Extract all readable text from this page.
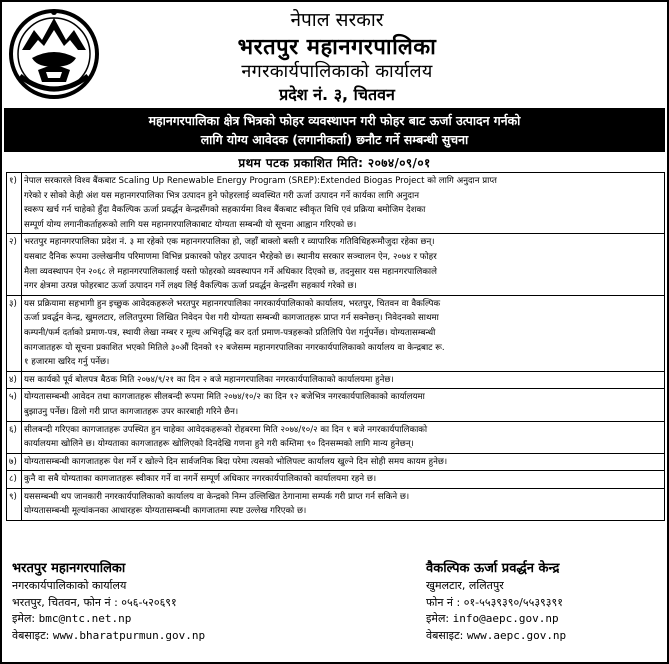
नेपाल सरकार
भरतपुर महानगरपालिका
नगरकार्यपालिकाको कार्यालय
प्रदेश नं. ३, चितवन
महानगरपालिका क्षेत्र भित्रको फोहर व्यवस्थापन गरी फोहर बाट ऊर्जा उत्पादन गर्नको
लागि योग्य आवेदक (लगानीकर्ता) छनौट गर्ने सम्बन्धी सुचना
प्रथम पटक प्रकाशित मिति: २०७४/०९/०१
१)	नेपाल सरकारले विश्व बैंकबाट Scaling Up Renewable Energy Program (SREP):Extended Biogas Project को लागि अनुदान प्राप्त
गरेको र सोको केही अंश यस महानगरपालिका भित्र उत्पादन हुने फोहरलाई व्यवस्थित गरी ऊर्जा उत्पादन गर्ने कार्यका लागि अनुदान
स्वरूप खर्च गर्न चाहेको हुँदा वैकल्पिक ऊर्जा प्रवर्द्धन केन्द्रसँगको सहकार्यमा विश्व बैंकबाट स्वीकृत विधि एवं प्रक्रिया बमोजिम देशका
सम्पूर्ण योग्य लगानीकर्ताहरूको लागि यस महानगरपालिकाबाट योग्यता सम्बन्धी यो सूचना आह्वान गरिएको छ।

२)	भरतपुर महानगरपालिका प्रदेश नं. ३ मा रहेको एक महानगरपालिका हो, जहाँ बाक्लो बस्ती र व्यापारिक गतिविधिहरूमौजुदा रहेका छन्।
यसबाट दैनिक रूपमा उल्लेखनीय परिमाणमा विभिन्न प्रकारको फोहर उत्पादन भैरहेको छ। स्थानीय सरकार सञ्चालन ऐन, २०७४ र फोहर
मैला व्यवस्थापन ऐन २०६८ ले महानगरपालिकालाई यस्तो फोहरको व्यवस्थापन गर्ने अधिकार दिएको छ, तदनुसार यस महानगरपालिकाले
नगर क्षेत्रमा उत्पन्न फोहरबाट ऊर्जा उत्पादन गर्ने लक्ष्य लिई वैकल्पिक ऊर्जा प्रवर्द्धन केन्द्रसँग सहकार्य गरेको छ।

३)	यस प्रक्रियामा सहभागी हुन इच्छुक आवेदकहरूले भरतपुर महानगरपालिका नगरकार्यपालिकाको कार्यालय, भरतपुर, चितवन वा वैकल्पिक
ऊर्जा प्रवर्द्धन केन्द्र, खुमलटार, ललितपुरमा लिखित निवेदन पेश गरी योग्यता सम्बन्धी कागजातहरू प्राप्त गर्न सक्नेछन्। निवेदनको साथमा
कम्पनी/फर्म दर्ताको प्रमाण-पत्र, स्थायी लेखा नम्बर र मूल्य अभिवृद्धि कर दर्ता प्रमाण-पत्रहरूको प्रतिलिपि पेश गर्नुपर्नेछ। योग्यतासम्बन्धी
कागजातहरू यो सूचना प्रकाशित भएको मितिले ३०औं दिनको १२ बजेसम्म महानगरपालिका नगरकार्यपालिकाको कार्यालय वा केन्द्रबाट रू.
१ हजारमा खरिद गर्नु पर्नेछ।

४)	यस कार्यको पूर्व बोलपत्र बैठक मिति २०७४/९/२१ का दिन २ बजे महानगरपालिका नगरकार्यपालिकाको कार्यालयमा हुनेछ।

५)	योग्यतासम्बन्धी आवेदन तथा कागजातहरू सीलबन्दी रूपमा मिति २०७४/१०/२ का दिन १२ बजेभित्र नगरकार्यपालिकाको कार्यालयमा
बुझाउनु पर्नेछ। ढिलो गरी प्राप्त कागजातहरू उपर कारबाही गरिने छैन।

६)	सीलबन्दी गरिएका कागजातहरू उपस्थित हुन चाहेका आवेदकहरूको रोहबरमा मिति २०७४/१०/२ का दिन १ बजे नगरकार्यपालिकाको
कार्यालयमा खोलिने छ। योग्यताका कागजातहरू खोलिएको दिनदेखि गणना हुने गरी कम्तिमा ९० दिनसम्मको लागि मान्य हुनेछन्।

७)	योग्यतासम्बन्धी कागजातहरू पेश गर्ने र खोल्ने दिन सार्वजनिक बिदा परेमा त्यसको भोलिपल्ट कार्यालय खुल्ने दिन सोही समय कायम हुनेछ।

८)	कुनै वा सबै योग्यताका कागजातहरू स्वीकार गर्ने वा नगर्ने सम्पूर्ण अधिकार नगरकार्यपालिकाको कार्यालयमा रहने छ।

९)	यससम्बन्धी थप जानकारी नगरकार्यपालिकाको कार्यालय वा केन्द्रको निम्न उल्लिखित ठेगानामा सम्पर्क गरी प्राप्त गर्न सकिने छ।
योग्यतासम्बन्धी मूल्यांकनका आधारहरू योग्यतासम्बन्धी कागजातमा स्पष्ट उल्लेख गरिएको छ।
भरतपुर महानगरपालिका
नगरकार्यपालिकाको कार्यालय
भरतपुर, चितवन, फोन नं : ०५६-५२०६९१
इमेल: bmc@ntc.net.np
वेबसाइट: www.bharatpurmun.gov.np
वैकल्पिक ऊर्जा प्रवर्द्धन केन्द्र
खुमलटार, ललितपुर
फोन नं : ०१-५५३९३९०/५५३९३९१
इमेल: info@aepc.gov.np
वेबसाइट: www.aepc.gov.np
